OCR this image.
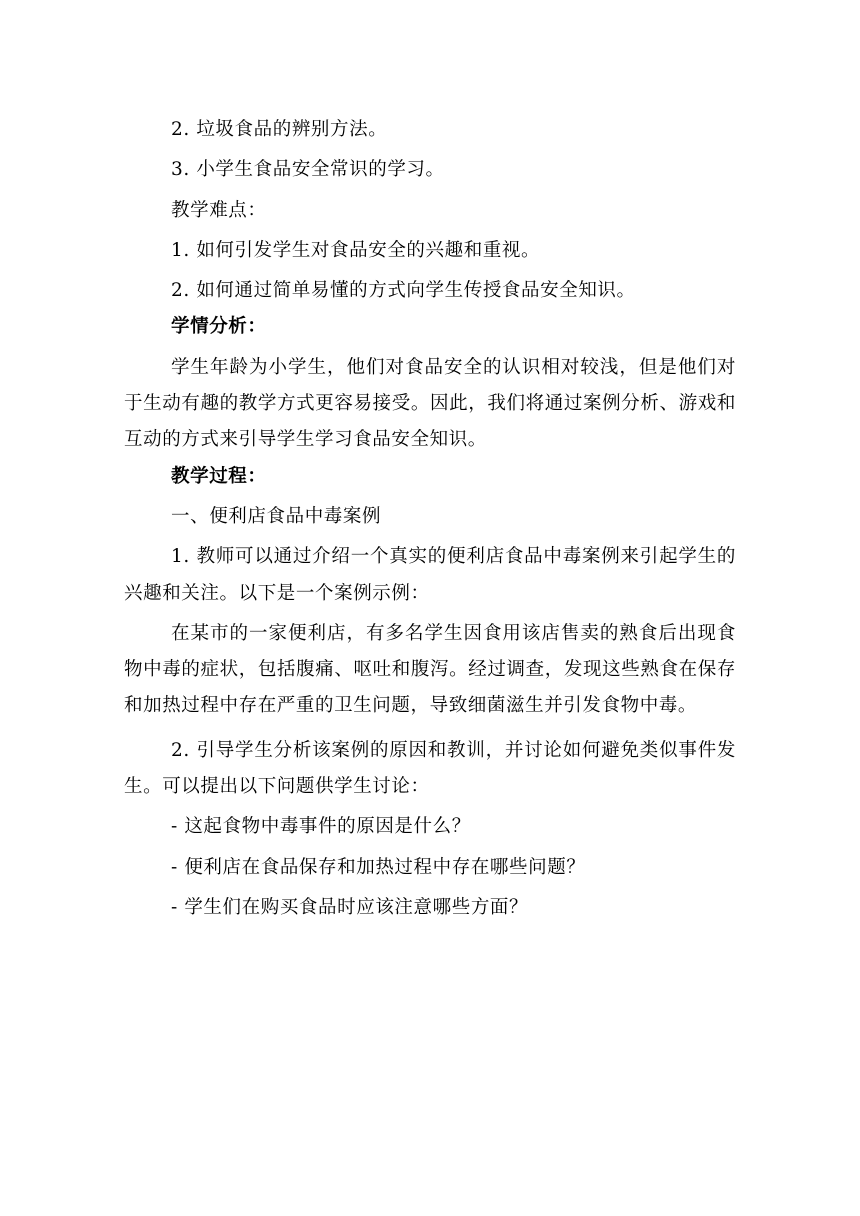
2. 垃圾食品的辨别方法。

3. 小学生食品安全常识的学习。

教学难点：

1. 如何引发学生对食品安全的兴趣和重视。

2. 如何通过简单易懂的方式向学生传授食品安全知识。

学情分析：

学生年龄为小学生，他们对食品安全的认识相对较浅，但是他们对于生动有趣的教学方式更容易接受。因此，我们将通过案例分析、游戏和互动的方式来引导学生学习食品安全知识。

教学过程：

一、便利店食品中毒案例

1. 教师可以通过介绍一个真实的便利店食品中毒案例来引起学生的兴趣和关注。以下是一个案例示例：

在某市的一家便利店，有多名学生因食用该店售卖的熟食后出现食物中毒的症状，包括腹痛、呕吐和腹泻。经过调查，发现这些熟食在保存和加热过程中存在严重的卫生问题，导致细菌滋生并引发食物中毒。

2. 引导学生分析该案例的原因和教训，并讨论如何避免类似事件发生。可以提出以下问题供学生讨论：

- 这起食物中毒事件的原因是什么？

- 便利店在食品保存和加热过程中存在哪些问题？

- 学生们在购买食品时应该注意哪些方面？
